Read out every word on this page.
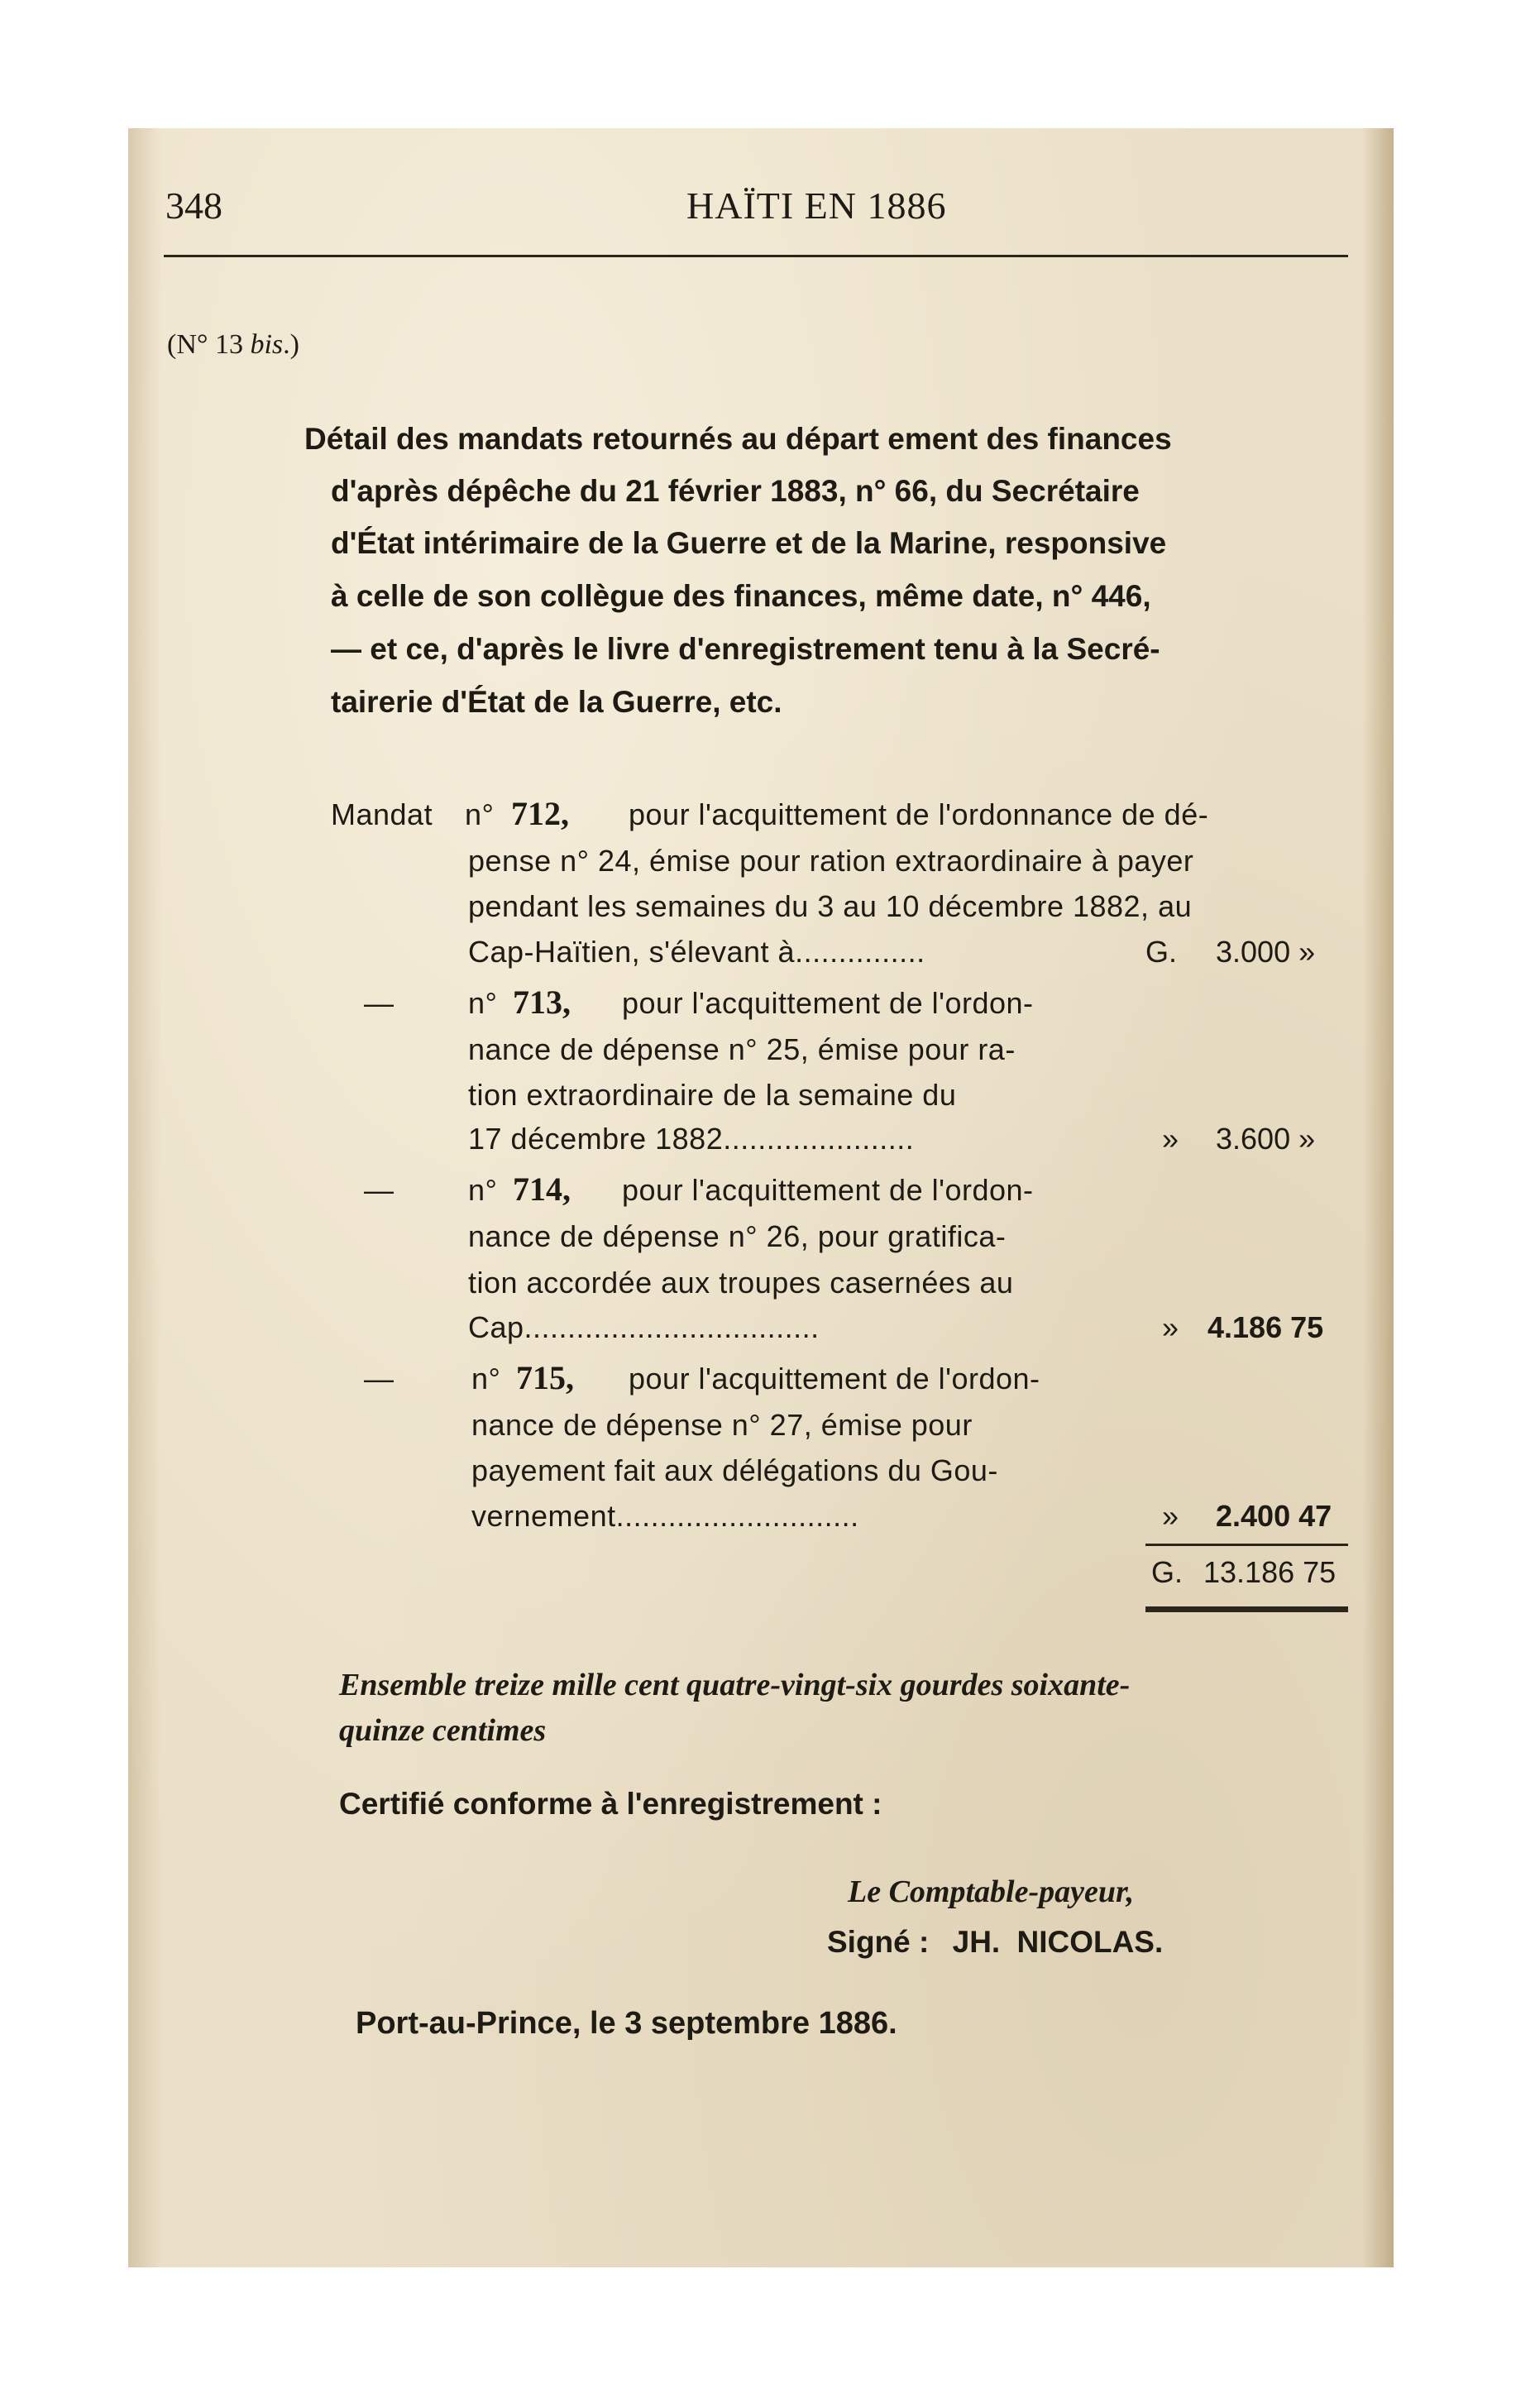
348	HAÏTI EN 1886
(N° 13 bis.)
Détail des mandats retournés au départ ement des finances
d'après dépêche du 21 février 1883, n° 66, du Secrétaire
d'État intérimaire de la Guerre et de la Marine, responsive
à celle de son collègue des finances, même date, n° 446,
— et ce, d'après le livre d'enregistrement tenu à la Secré-
tairerie d'État de la Guerre, etc.
Mandat n° 712, pour l'acquittement de l'ordonnance de dé-
pense n° 24, émise pour ration extraordinaire à payer
pendant les semaines du 3 au 10 décembre 1882, au
Cap-Haïtien, s'élevant à...............	G. 3.000 »
—	n° 713, pour l'acquittement de l'ordon-
nance de dépense n° 25, émise pour ra-
tion extraordinaire de la semaine du
17 décembre 1882......................	» 3.600 »
—	n° 714, pour l'acquittement de l'ordon-
nance de dépense n° 26, pour gratifica-
tion accordée aux troupes casernées au
Cap..................................	» 4.186 75
—	n° 715, pour l'acquittement de l'ordon-
nance de dépense n° 27, émise pour
payement fait aux délégations du Gou-
vernement............................	» 2.400 47
G. 13.186 75
Ensemble treize mille cent quatre-vingt-six gourdes soixante-
quinze centimes
Certifié conforme à l'enregistrement :
Le Comptable-payeur,
Signé : JH. NICOLAS.
Port-au-Prince, le 3 septembre 1886.
